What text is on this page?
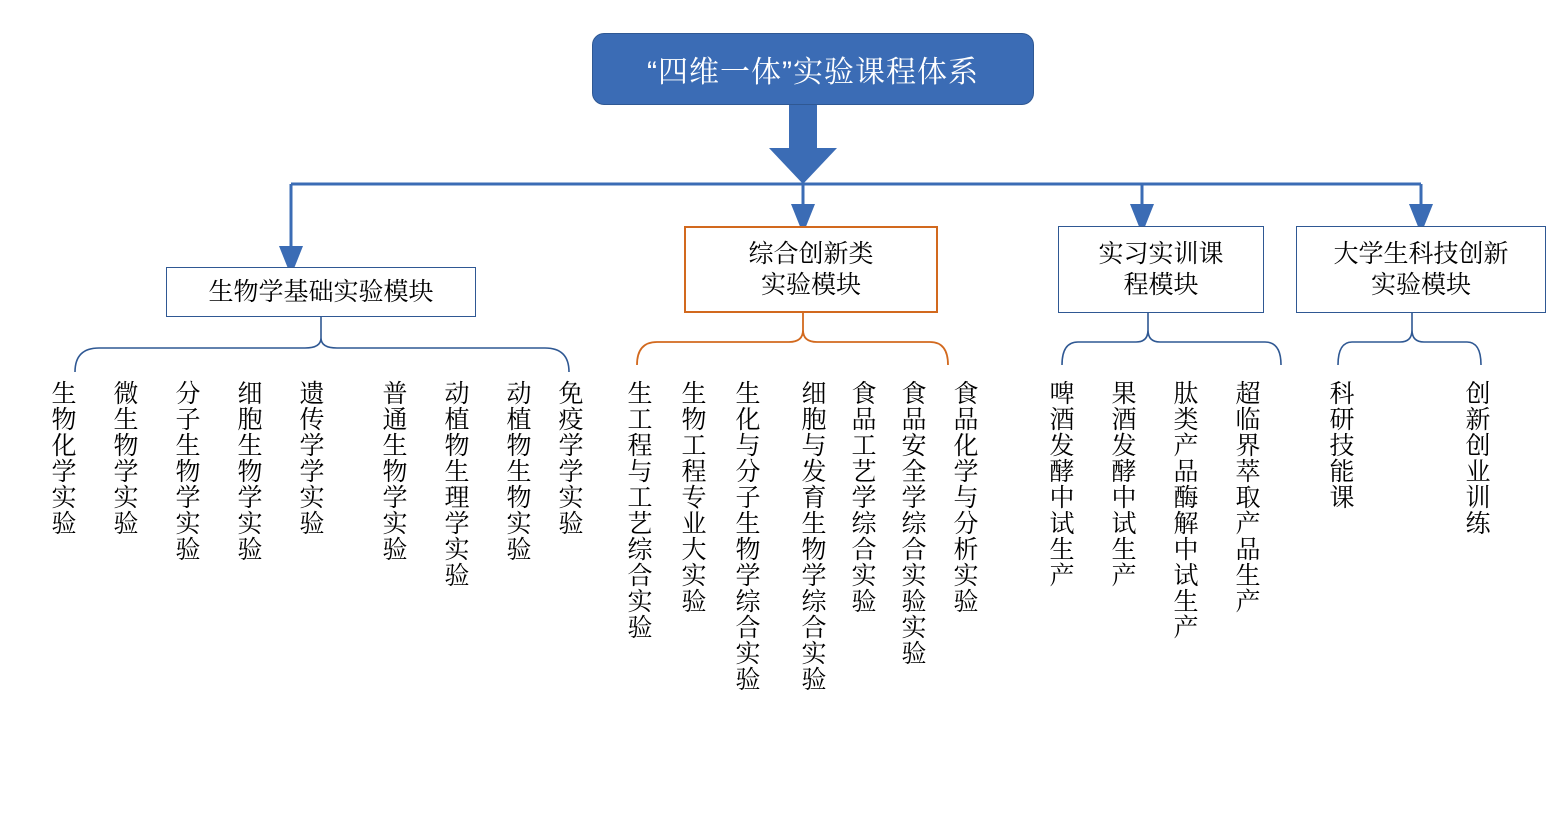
“四维一体”实验课程体系
生物学基础实验模块
综合创新类
实验模块
实习实训课
程模块
大学生科技创新
实验模块
生物化学实验 微生物学实验 分子生物学实验 细胞生物学实验 遗传学学实验 普通生物学实验 动植物生理学实验 动植物生物实验 免疫学学实验 生工程与工艺综合实验 生物工程专业大实验 生化与分子生物学综合实验 细胞与发育生物学综合实验 食品工艺学综合实验 食品安全学综合实验实验 食品化学与分析实验	啤酒发酵中试生产 果酒发酵中试生产 肽类产品酶解中试生产 超临界萃取产品生产	科研技能课	创新创业训练
